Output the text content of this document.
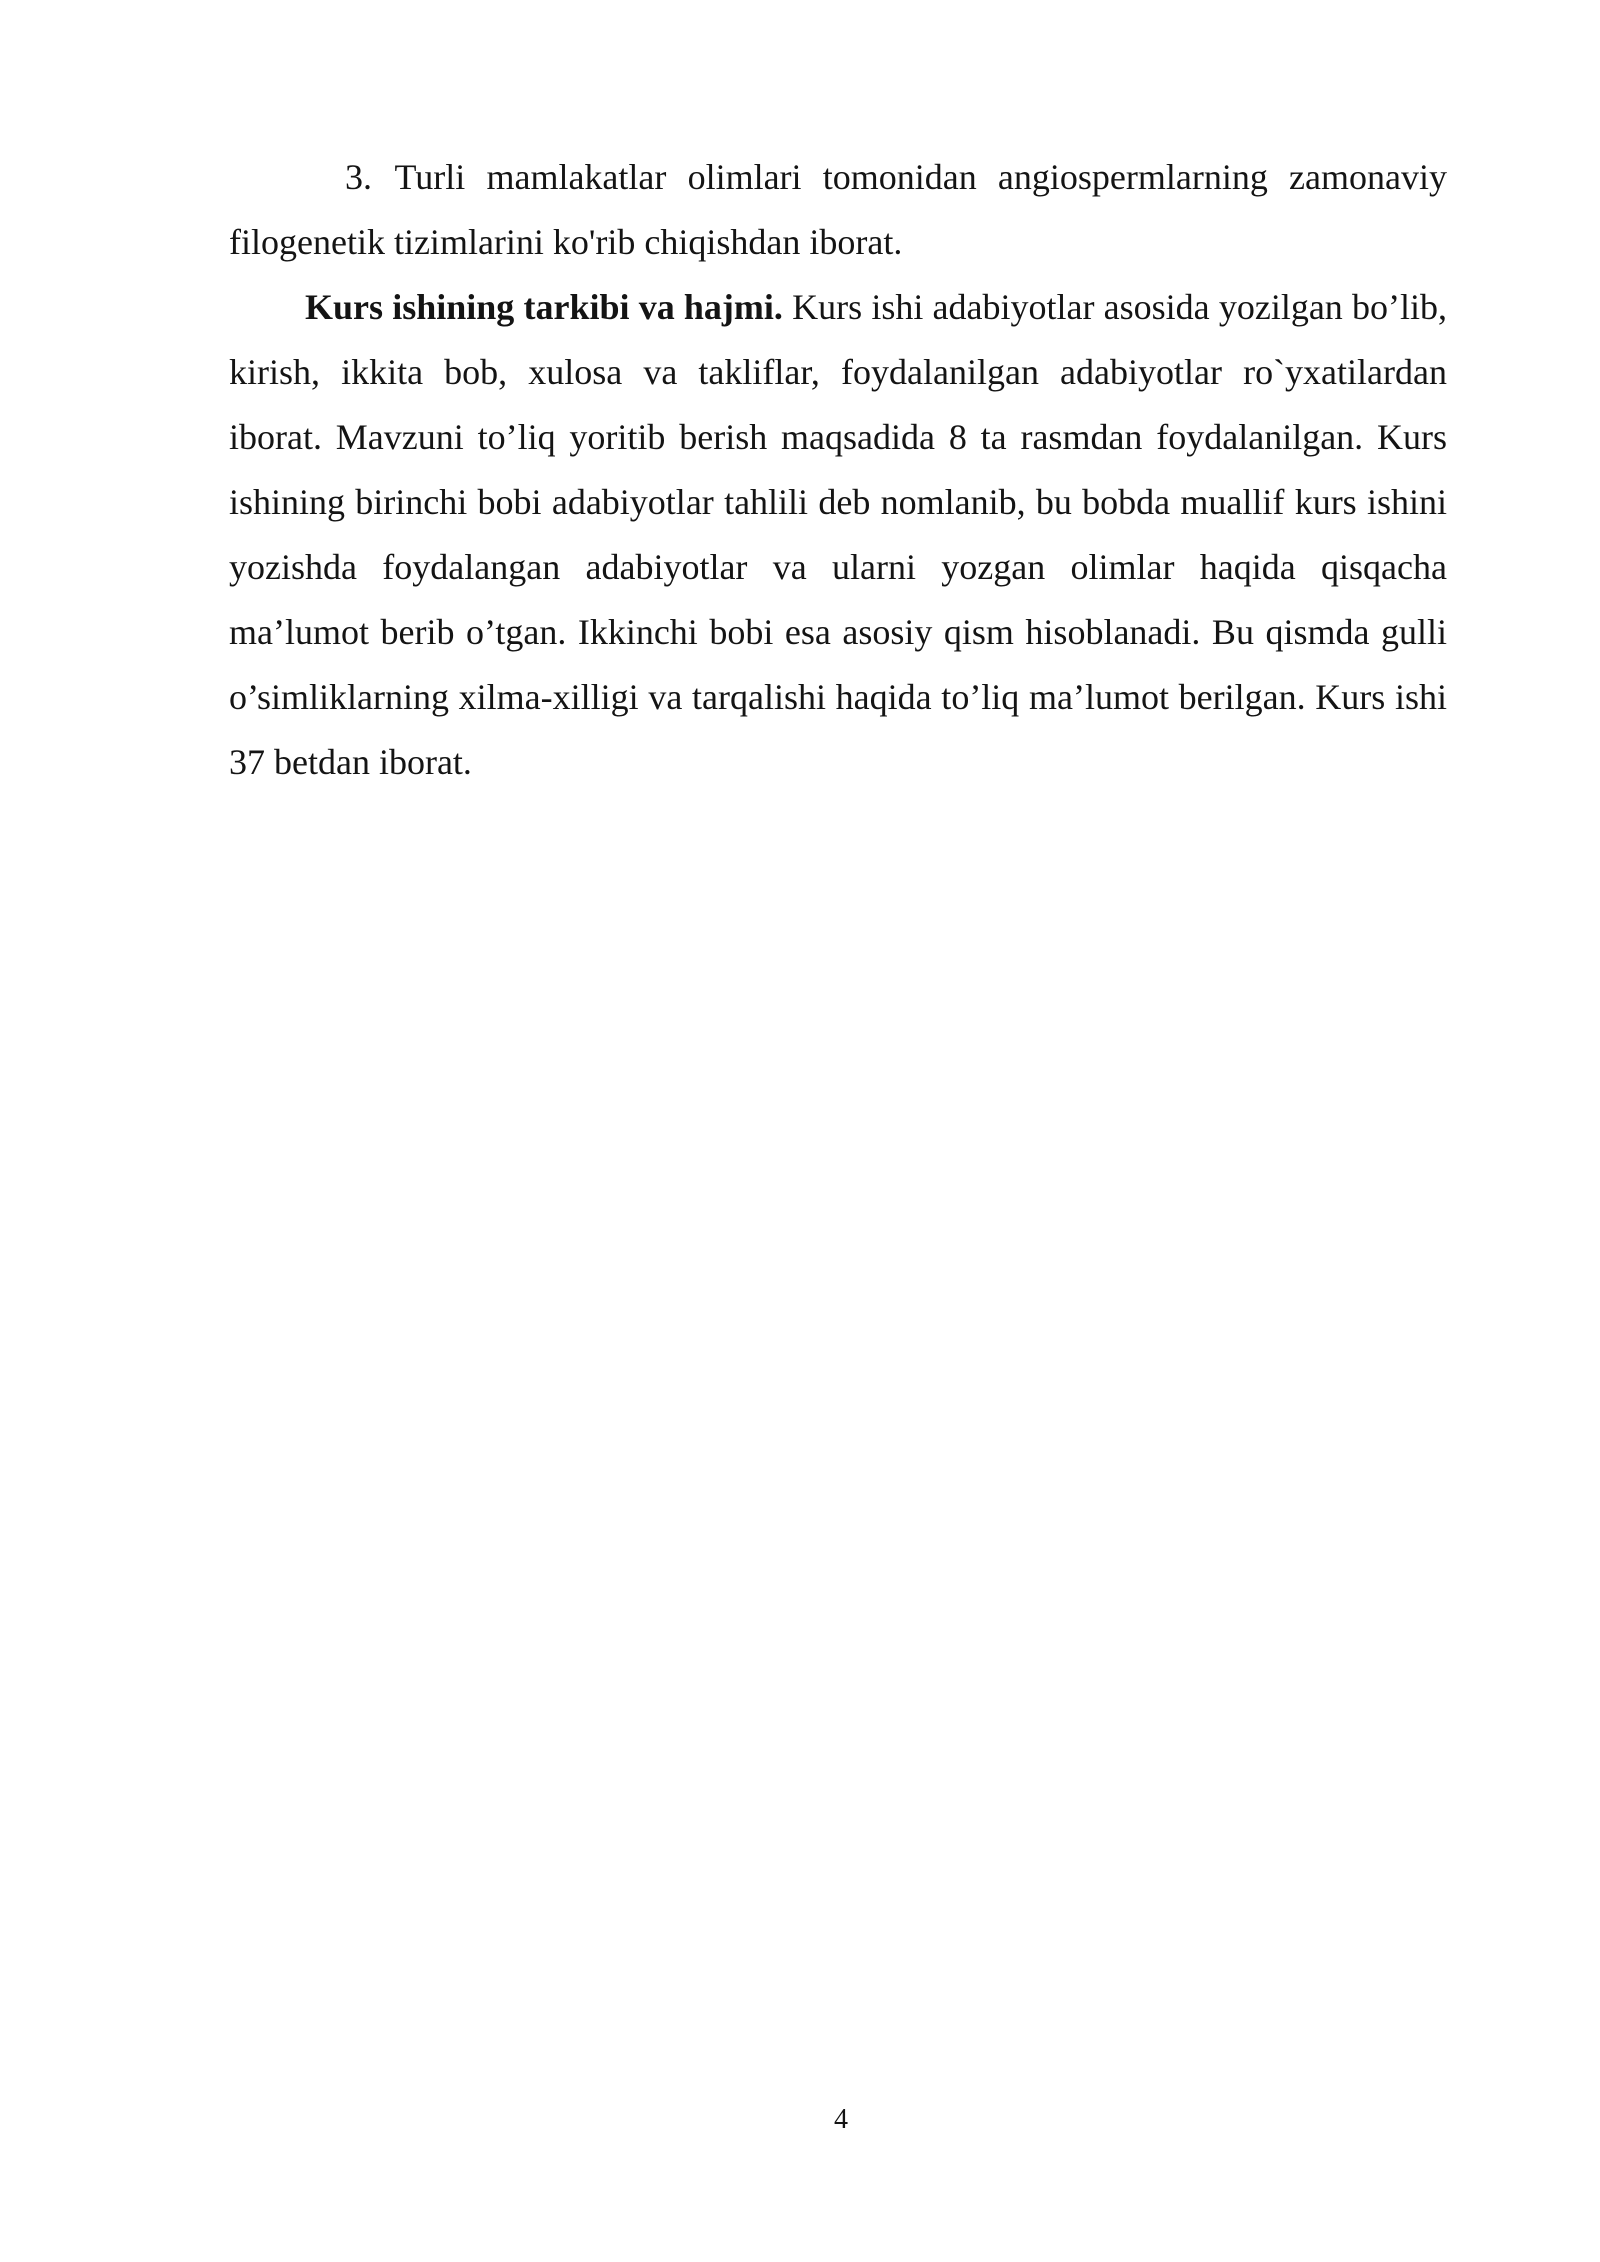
3. Turli mamlakatlar olimlari tomonidan angiospermlarning zamonaviy filogenetik tizimlarini ko'rib chiqishdan iborat.

Kurs ishining tarkibi va hajmi. Kurs ishi adabiyotlar asosida yozilgan bo’lib, kirish, ikkita bob, xulosa va takliflar, foydalanilgan adabiyotlar ro`yxatilardan iborat. Mavzuni to’liq yoritib berish maqsadida 8 ta rasmdan foydalanilgan. Kurs ishining birinchi bobi adabiyotlar tahlili deb nomlanib, bu bobda muallif kurs ishini yozishda foydalangan adabiyotlar va ularni yozgan olimlar haqida qisqacha ma’lumot berib o’tgan. Ikkinchi bobi esa asosiy qism hisoblanadi. Bu qismda gulli o’simliklarning xilma-xilligi va tarqalishi haqida to’liq ma’lumot berilgan. Kurs ishi 37 betdan iborat.

4
